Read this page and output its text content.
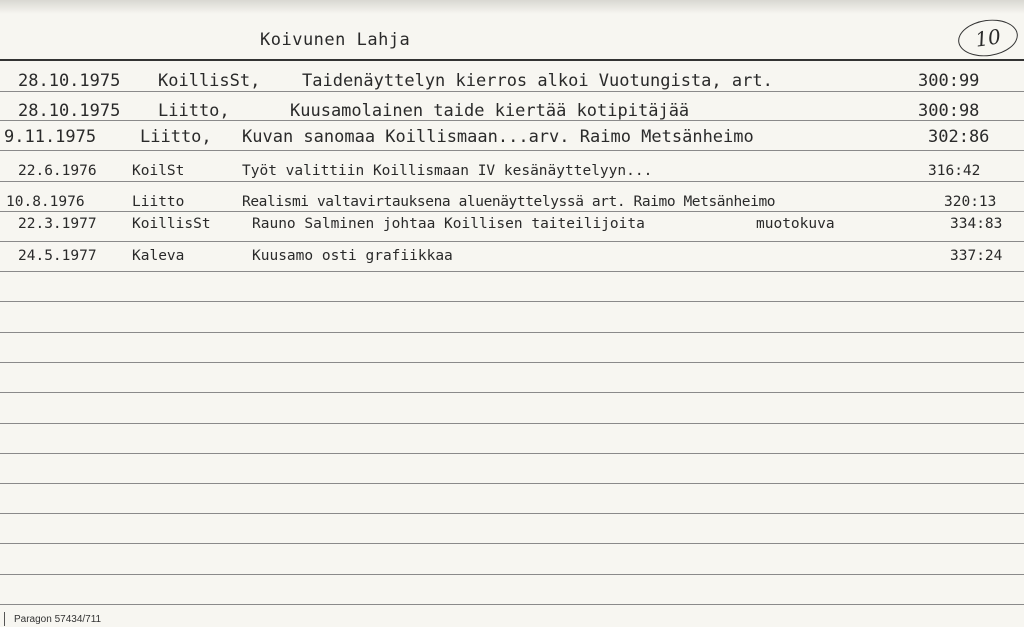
Koivunen Lahja	10
28.10.1975 KoillisSt, Taidenäyttelyn kierros alkoi Vuotungista, art.	300:99
28.10.1975 Liitto,	Kuusamolainen taide kiertää kotipitäjää	300:98
9.11.1975	Liitto, Kuvan sanomaa Koillismaan...arv. Raimo Metsänheimo	302:86
22.6.1976 KoilSt	Työt valittiin Koillismaan IV kesänäyttelyyn...	316:42
10.8.1976	Liitto	Realismi valtavirtauksena aluenäyttelyssä art. Raimo Metsänheimo	320:13
22.3.1977 KoillisSt	Rauno Salminen johtaa Koillisen taiteilijoita	muotokuva	334:83
24.5.1977 Kaleva	Kuusamo osti grafiikkaa	337:24
Paragon 57434/711
